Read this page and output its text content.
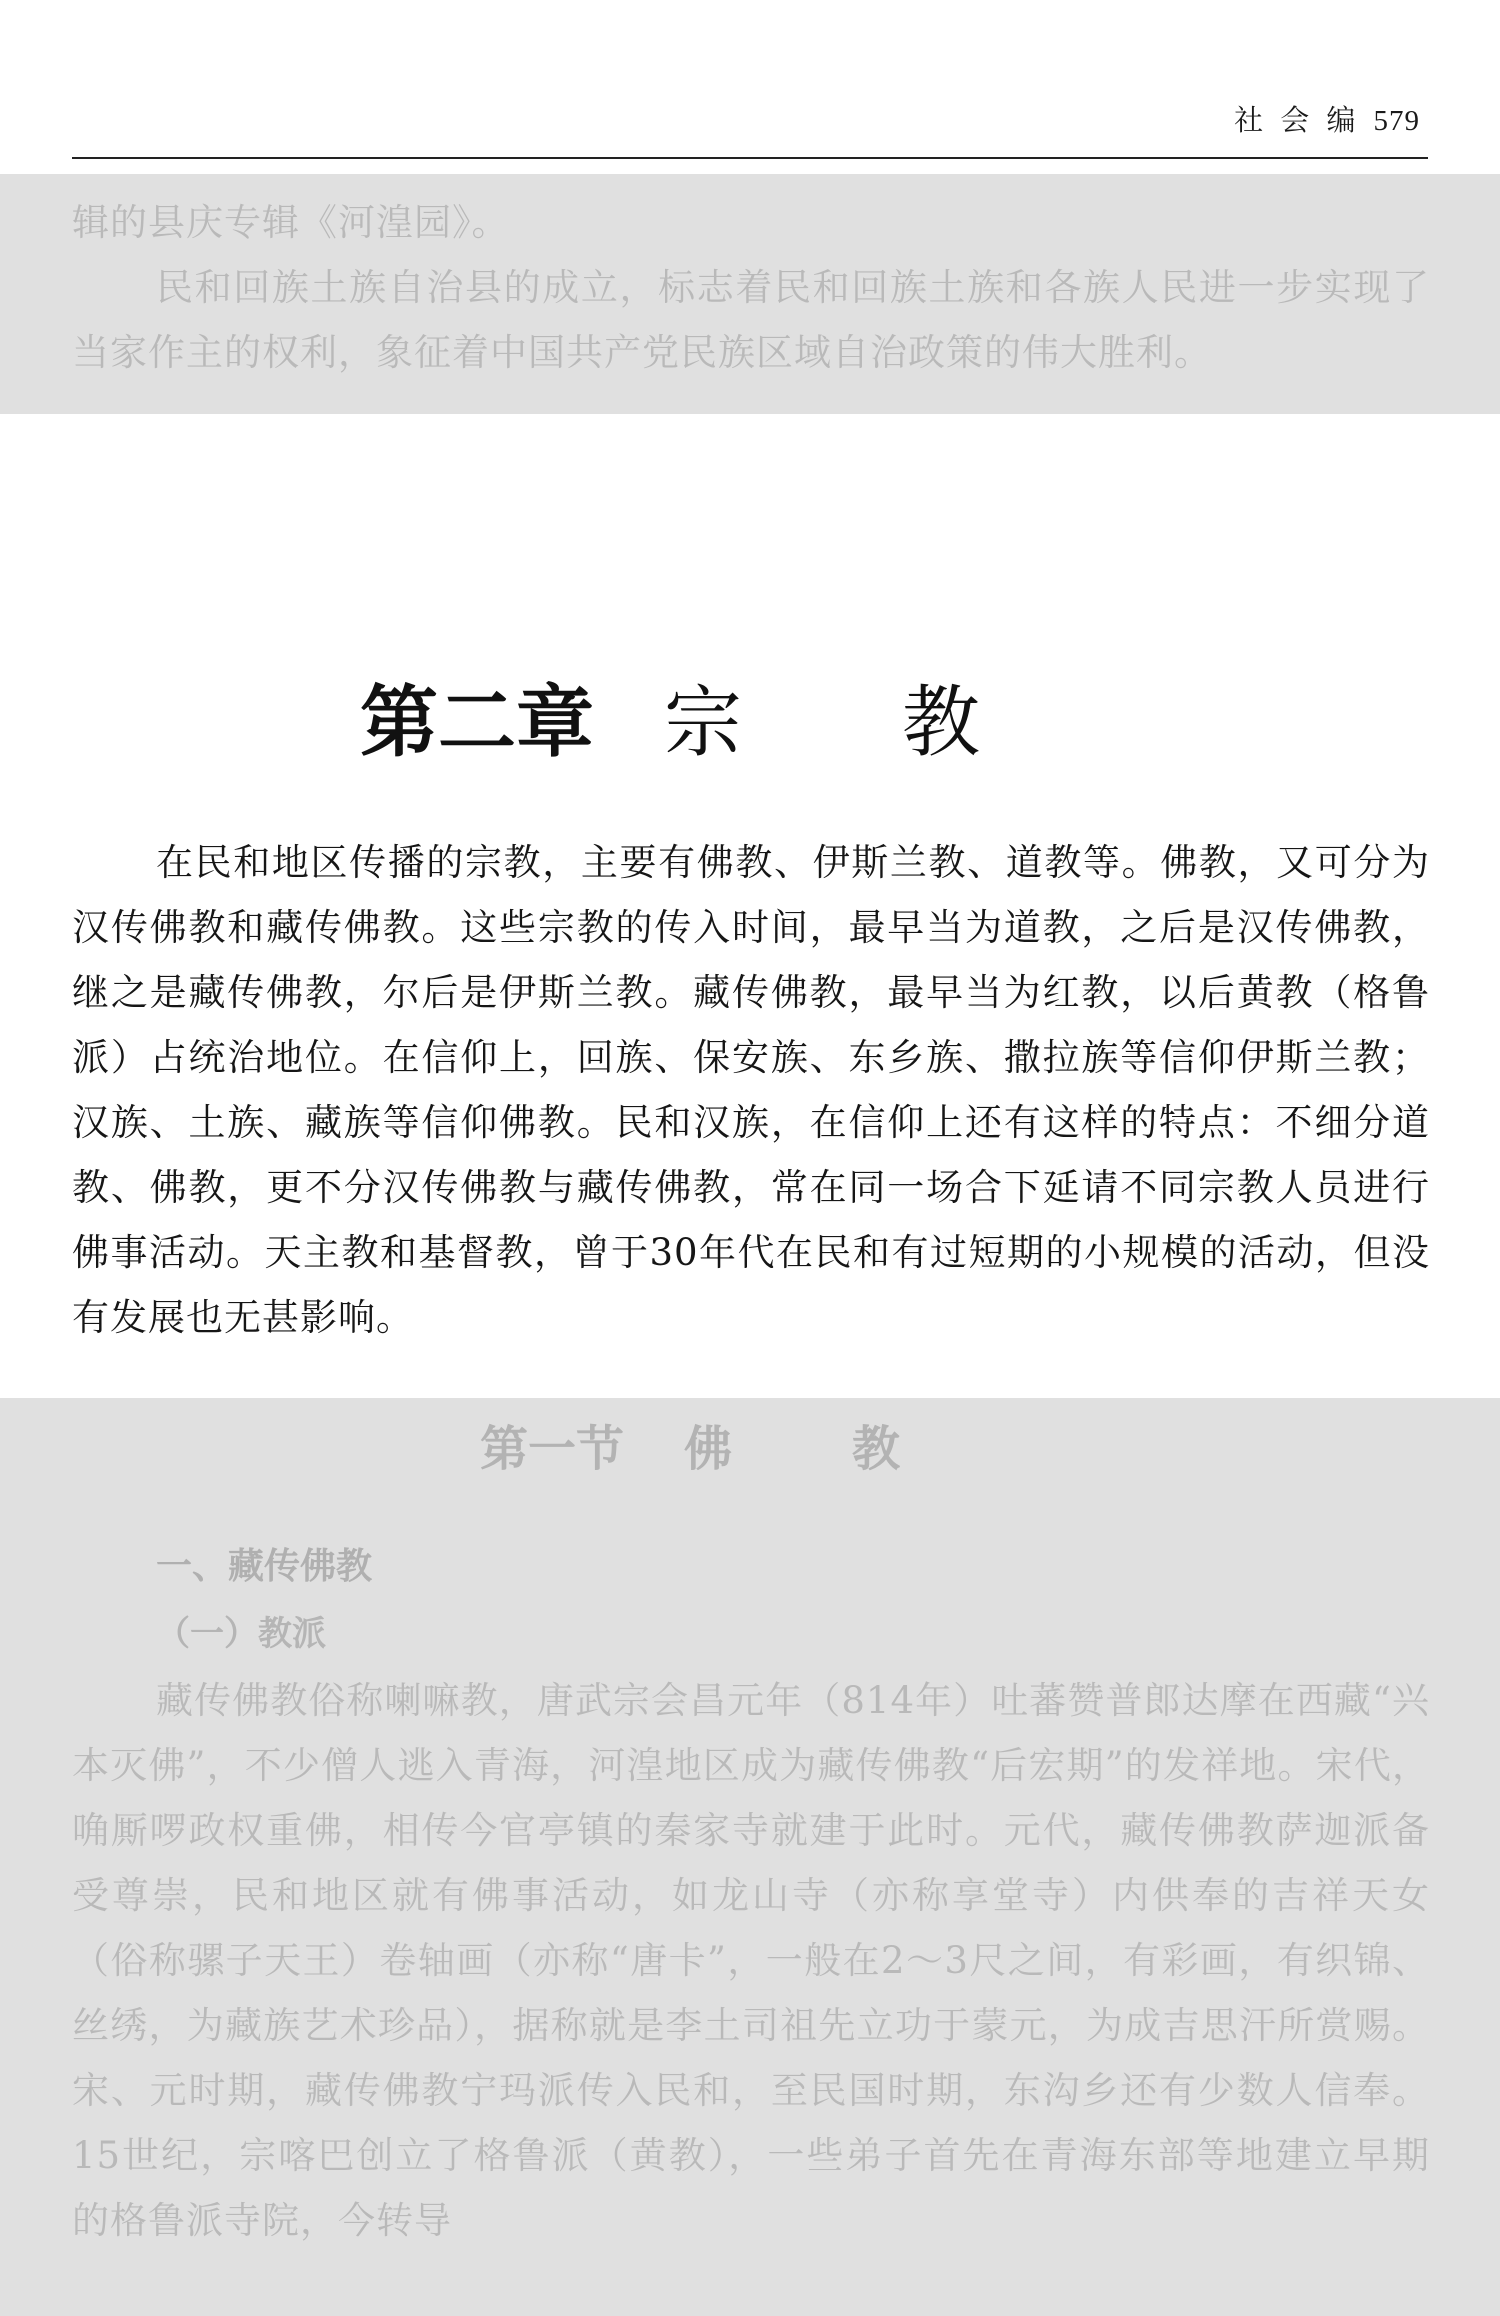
社 会 编 579

辑的县庆专辑《河湟园》。

民和回族土族自治县的成立，标志着民和回族土族和各族人民进一步实现了当家作主的权利，象征着中国共产党民族区域自治政策的伟大胜利。

第二章 宗教

在民和地区传播的宗教，主要有佛教、伊斯兰教、道教等。佛教，又可分为汉传佛教和藏传佛教。这些宗教的传入时间，最早当为道教，之后是汉传佛教，继之是藏传佛教，尔后是伊斯兰教。藏传佛教，最早当为红教，以后黄教（格鲁派）占统治地位。在信仰上，回族、保安族、东乡族、撒拉族等信仰伊斯兰教；汉族、土族、藏族等信仰佛教。民和汉族，在信仰上还有这样的特点：不细分道教、佛教，更不分汉传佛教与藏传佛教，常在同一场合下延请不同宗教人员进行佛事活动。天主教和基督教，曾于30年代在民和有过短期的小规模的活动，但没有发展也无甚影响。

第一节 佛教
一、藏传佛教
（一）教派

藏传佛教俗称喇嘛教，唐武宗会昌元年（814年）吐蕃赞普郎达摩在西藏“兴本灭佛”，不少僧人逃入青海，河湟地区成为藏传佛教“后宏期”的发祥地。宋代，唃厮啰政权重佛，相传今官亭镇的秦家寺就建于此时。元代，藏传佛教萨迦派备受尊崇，民和地区就有佛事活动，如龙山寺（亦称享堂寺）内供奉的吉祥天女（俗称骡子天王）卷轴画（亦称“唐卡”，一般在2～3尺之间，有彩画，有织锦、丝绣，为藏族艺术珍品），据称就是李土司祖先立功于蒙元，为成吉思汗所赏赐。宋、元时期，藏传佛教宁玛派传入民和，至民国时期，东沟乡还有少数人信奉。15世纪，宗喀巴创立了格鲁派（黄教），一些弟子首先在青海东部等地建立早期的格鲁派寺院，今转导
